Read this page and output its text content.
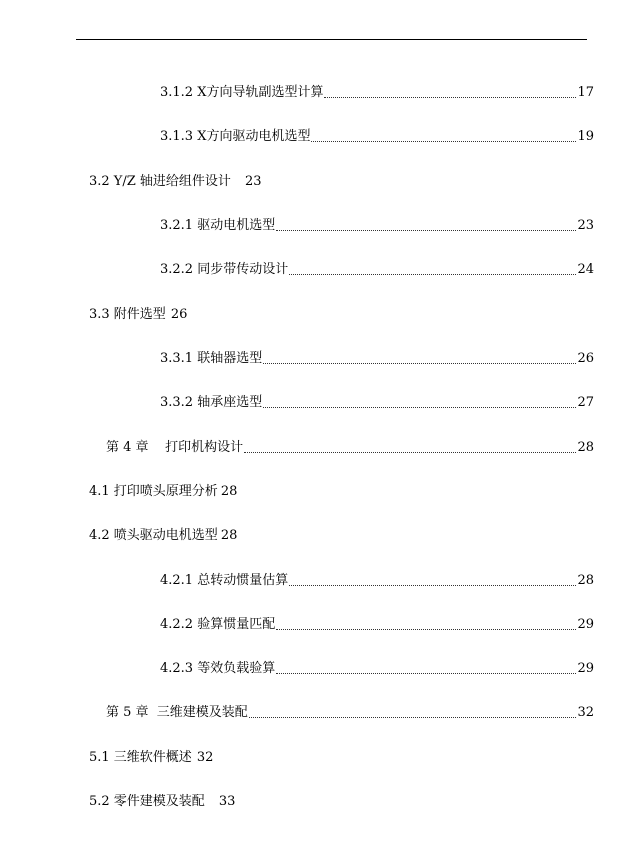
3.1.2 X方向导轨副选型计算	17
3.1.3 X方向驱动电机选型	19
3.2 Y/Z 轴进给组件设计 23
3.2.1 驱动电机选型	23
3.2.2 同步带传动设计	24
3.3 附件选型 26
3.3.1 联轴器选型	26
3.3.2 轴承座选型	27
第 4 章    打印机构设计	28
4.1 打印喷头原理分析 28
4.2 喷头驱动电机选型 28
4.2.1 总转动惯量估算	28
4.2.2 验算惯量匹配	29
4.2.3 等效负载验算	29
第 5 章  三维建模及装配	32
5.1 三维软件概述 32
5.2 零件建模及装配 33
